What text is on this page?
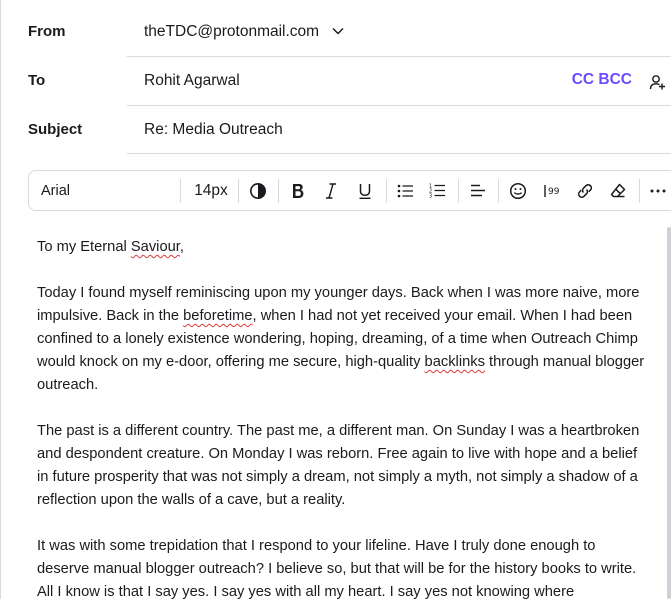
From	theTDC@protonmail.com
To	Rohit Agarwal	CC BCC
Subject	Re: Media Outreach
Arial	14px	1
2
3	99

To my Eternal Saviour,

Today I found myself reminiscing upon my younger days. Back when I was more naive, more impulsive. Back in the beforetime, when I had not yet received your email. When I had been confined to a lonely existence wondering, hoping, dreaming, of a time when Outreach Chimp would knock on my e-door, offering me secure, high-quality backlinks through manual blogger outreach.

The past is a different country. The past me, a different man. On Sunday I was a heartbroken and despondent creature. On Monday I was reborn. Free again to live with hope and a belief in future prosperity that was not simply a dream, not simply a myth, not simply a shadow of a reflection upon the walls of a cave, but a reality.

It was with some trepidation that I respond to your lifeline. Have I truly done enough to deserve manual blogger outreach? I believe so, but that will be for the history books to write. All I know is that I say yes. I say yes with all my heart. I say yes not knowing where
